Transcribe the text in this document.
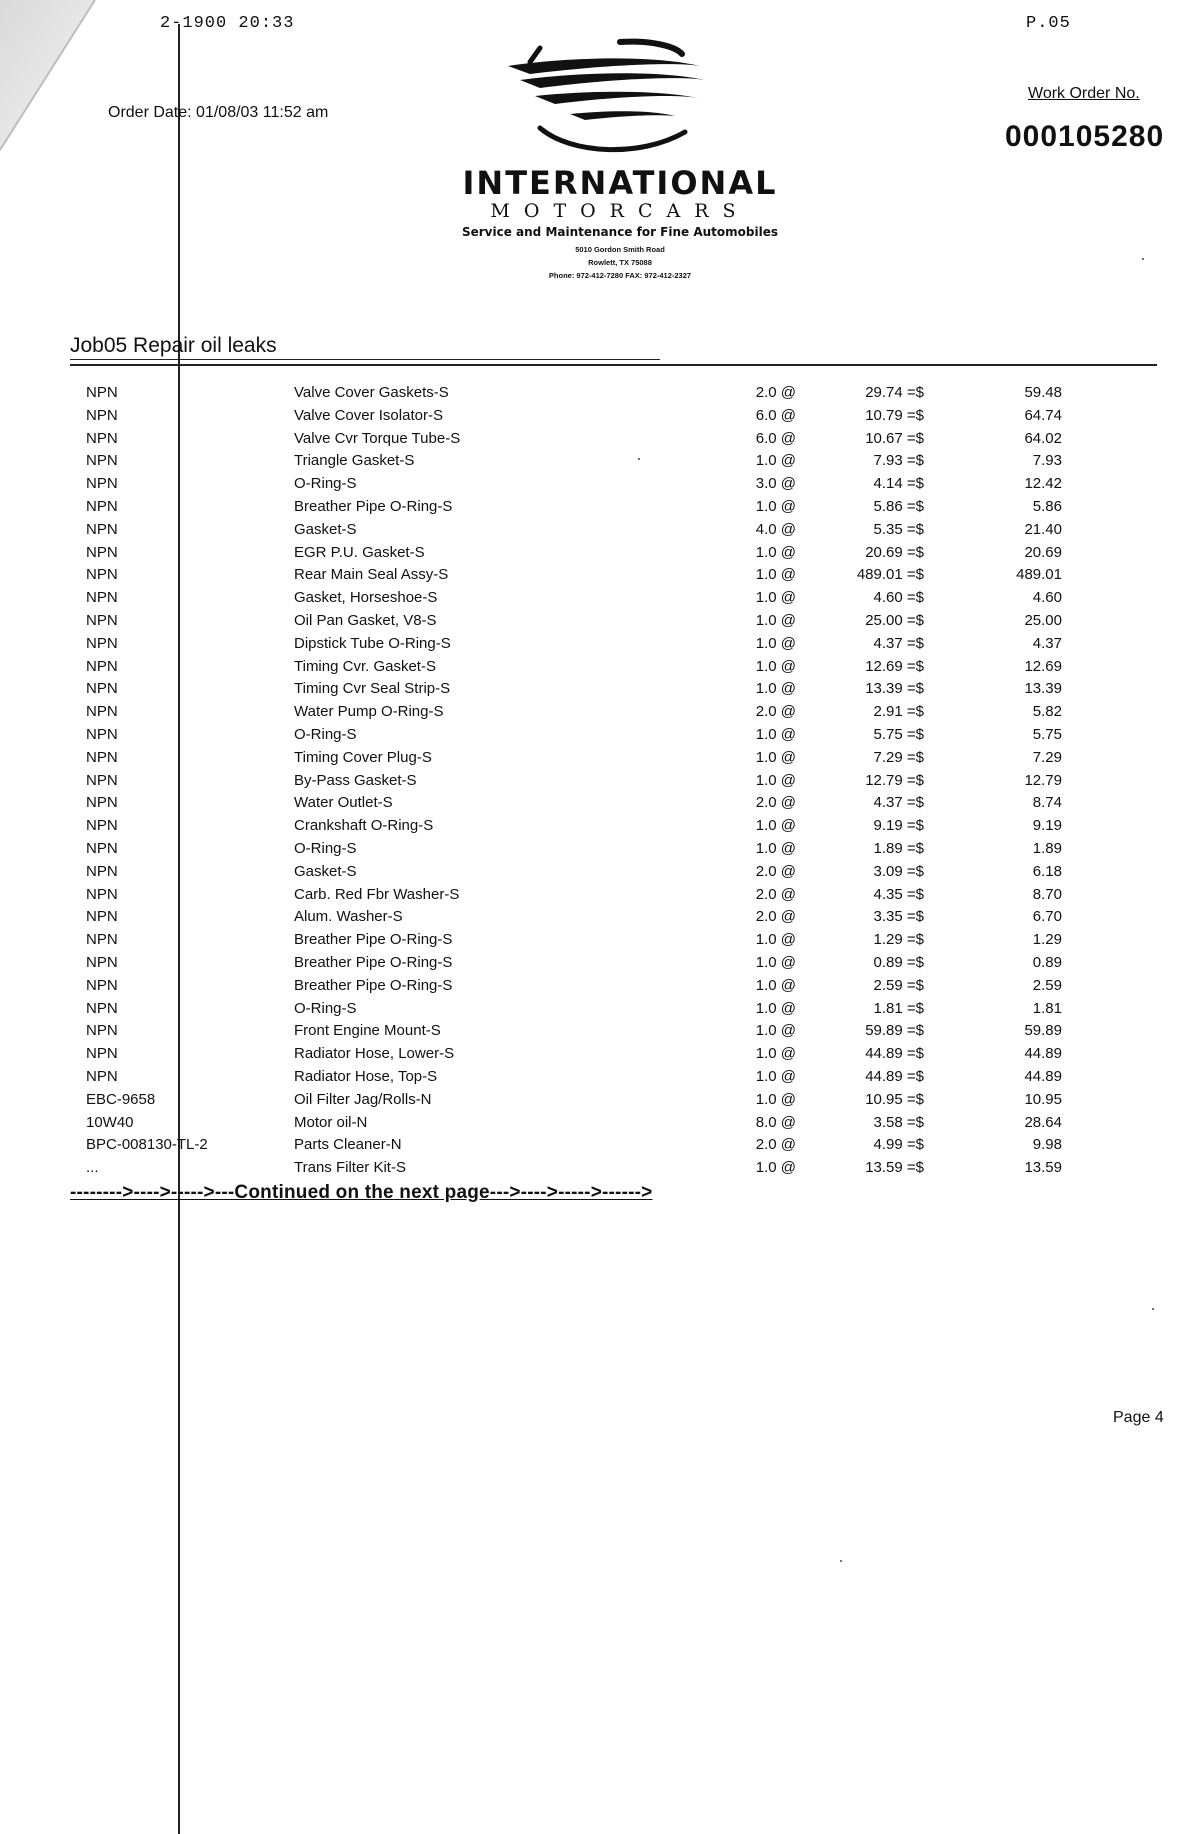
2-1900 20:33	P.05
Order Date: 01/08/03 11:52 am
Work Order No.
000105280
INTERNATIONAL
MOTORCARS
Service and Maintenance for Fine Automobiles
5010 Gordon Smith Road
Rowlett, TX 75088
Phone: 972-412-7280 FAX: 972-412-2327
Job05 Repair oil leaks
NPN	Valve Cover Gaskets-S	2.0 @	29.74 =$	59.48
NPN	Valve Cover Isolator-S	6.0 @	10.79 =$	64.74
NPN	Valve Cvr Torque Tube-S	6.0 @	10.67 =$	64.02
NPN	Triangle Gasket-S	1.0 @	7.93 =$	7.93
NPN	O-Ring-S	3.0 @	4.14 =$	12.42
NPN	Breather Pipe O-Ring-S	1.0 @	5.86 =$	5.86
NPN	Gasket-S	4.0 @	5.35 =$	21.40
NPN	EGR P.U. Gasket-S	1.0 @	20.69 =$	20.69
NPN	Rear Main Seal Assy-S	1.0 @	489.01 =$	489.01
NPN	Gasket, Horseshoe-S	1.0 @	4.60 =$	4.60
NPN	Oil Pan Gasket, V8-S	1.0 @	25.00 =$	25.00
NPN	Dipstick Tube O-Ring-S	1.0 @	4.37 =$	4.37
NPN	Timing Cvr. Gasket-S	1.0 @	12.69 =$	12.69
NPN	Timing Cvr Seal Strip-S	1.0 @	13.39 =$	13.39
NPN	Water Pump O-Ring-S	2.0 @	2.91 =$	5.82
NPN	O-Ring-S	1.0 @	5.75 =$	5.75
NPN	Timing Cover Plug-S	1.0 @	7.29 =$	7.29
NPN	By-Pass Gasket-S	1.0 @	12.79 =$	12.79
NPN	Water Outlet-S	2.0 @	4.37 =$	8.74
NPN	Crankshaft O-Ring-S	1.0 @	9.19 =$	9.19
NPN	O-Ring-S	1.0 @	1.89 =$	1.89
NPN	Gasket-S	2.0 @	3.09 =$	6.18
NPN	Carb. Red Fbr Washer-S	2.0 @	4.35 =$	8.70
NPN	Alum. Washer-S	2.0 @	3.35 =$	6.70
NPN	Breather Pipe O-Ring-S	1.0 @	1.29 =$	1.29
NPN	Breather Pipe O-Ring-S	1.0 @	0.89 =$	0.89
NPN	Breather Pipe O-Ring-S	1.0 @	2.59 =$	2.59
NPN	O-Ring-S	1.0 @	1.81 =$	1.81
NPN	Front Engine Mount-S	1.0 @	59.89 =$	59.89
NPN	Radiator Hose, Lower-S	1.0 @	44.89 =$	44.89
NPN	Radiator Hose, Top-S	1.0 @	44.89 =$	44.89
EBC-9658	Oil Filter Jag/Rolls-N	1.0 @	10.95 =$	10.95
10W40	Motor oil-N	8.0 @	3.58 =$	28.64
BPC-008130-TL-2	Parts Cleaner-N	2.0 @	4.99 =$	9.98
...	Trans Filter Kit-S	1.0 @	13.59 =$	13.59
-------->---->----->---Continued on the next page--->---->----->------>
Page 4
